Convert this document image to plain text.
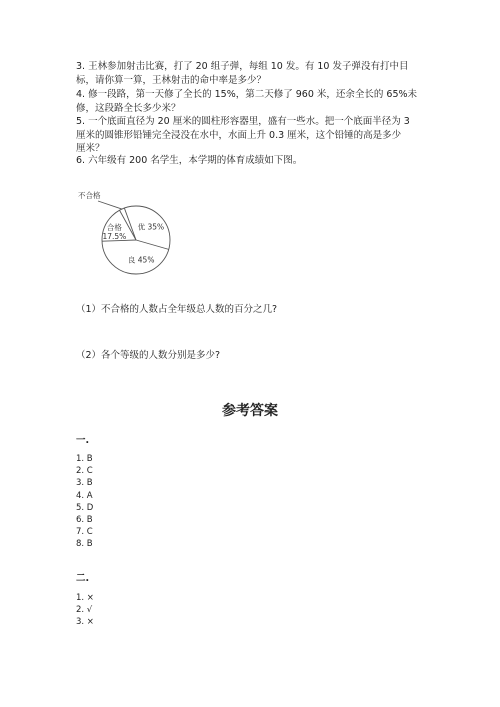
3. 王林参加射击比赛，打了 20 组子弹，每组 10 发。有 10 发子弹没有打中目
标，请你算一算，王林射击的命中率是多少？
4. 修一段路，第一天修了全长的 15%，第二天修了 960 米，还余全长的 65%未
修，这段路全长多少米？
5. 一个底面直径为 20 厘米的圆柱形容器里，盛有一些水。把一个底面半径为 3
厘米的圆锥形铅锤完全浸没在水中，水面上升 0.3 厘米，这个铅锤的高是多少
厘米？
6. 六年级有 200 名学生，本学期的体育成绩如下图。
优 35%
良 45%
合格
17.5%
不合格
（1）不合格的人数占全年级总人数的百分之几?
（2）各个等级的人数分别是多少?
参考答案
一.
1. B
2. C
3. B
4. A
5. D
6. B
7. C
8. B
二.
1. ×
2. √
3. ×
